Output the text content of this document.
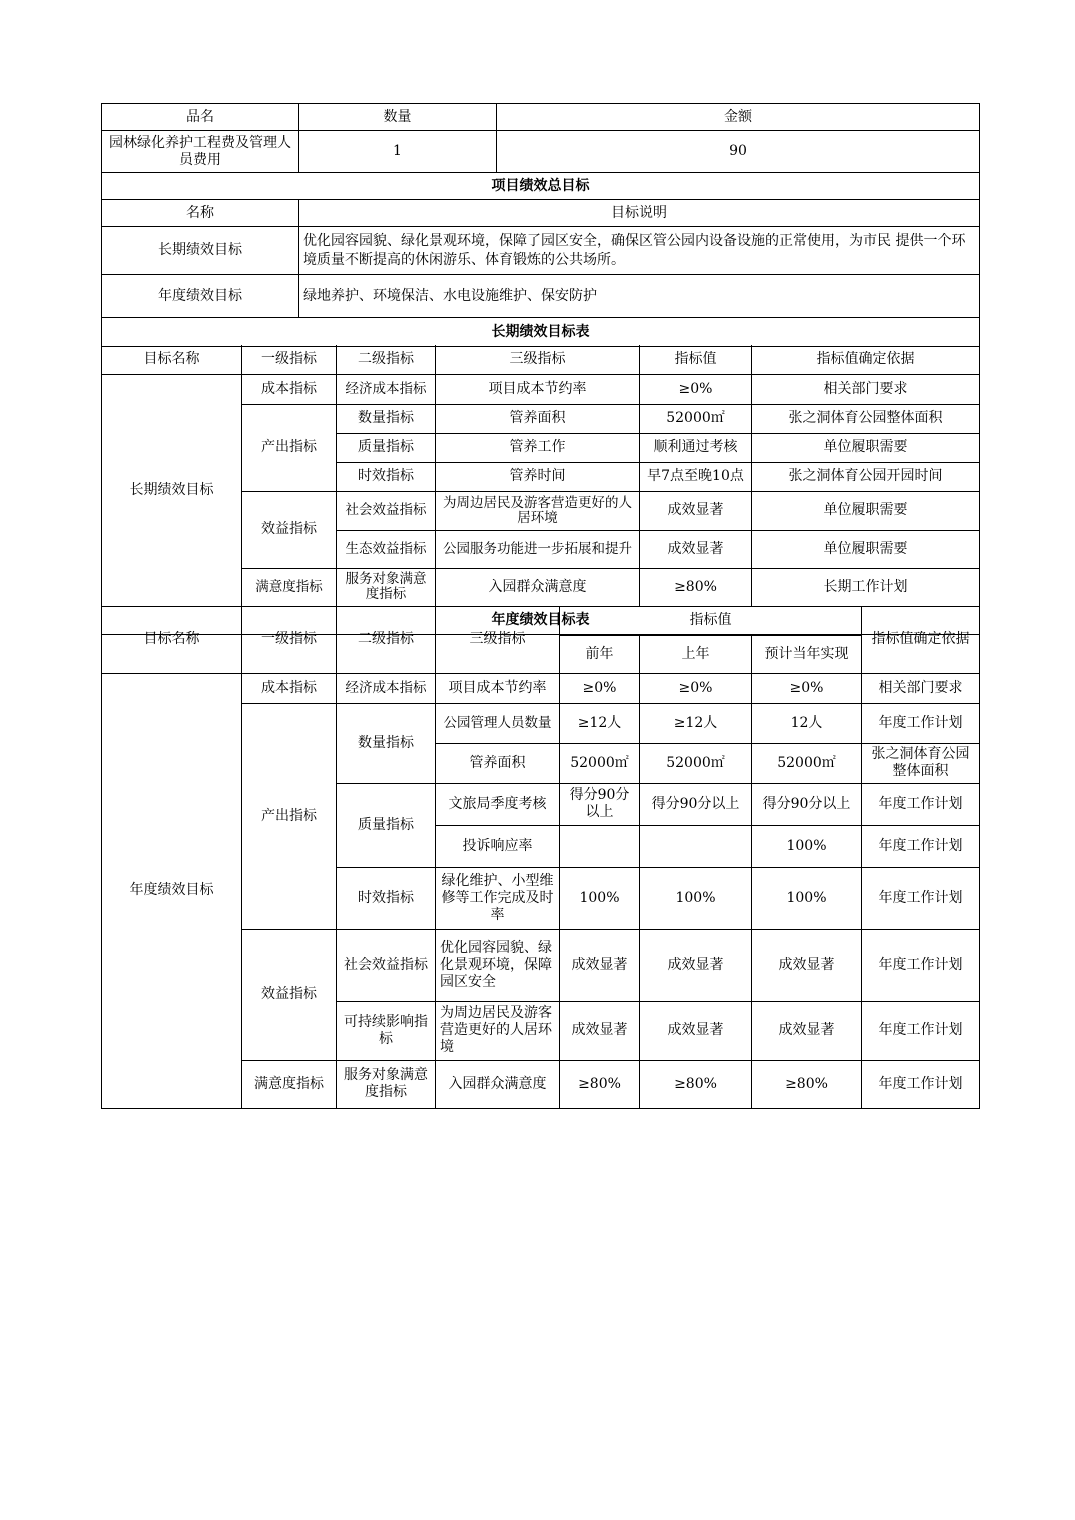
品名	数量	金额
园林绿化养护工程费及管理人员费用	1	90
项目绩效总目标		
名称	目标说明	
长期绩效目标	优化园容园貌、绿化景观环境，保障了园区安全，确保区管公园内设备设施的正常使用，为市民 提供一个环境质量不断提高的休闲游乐、体育锻炼的公共场所。	
年度绩效目标	绿地养护、环境保洁、水电设施维护、保安防护	
长期绩效目标表		
目标名称	一级指标	二级指标	三级指标	指标值	指标值确定依据
长期绩效目标	成本指标	经济成本指标	项目成本节约率	≥0%	相关部门要求
	产出指标	数量指标	管养面积	52000㎡	张之洞体育公园整体面积
		质量指标	管养工作	顺利通过考核	单位履职需要
		时效指标	管养时间	早7点至晚10点	张之洞体育公园开园时间
	效益指标	社会效益指标	为周边居民及游客营造更好的人居环境	成效显著	单位履职需要
		生态效益指标	公园服务功能进一步拓展和提升	成效显著	单位履职需要
	满意度指标	服务对象满意度指标	入园群众满意度	≥80%	长期工作计划
年度绩效目标表					
目标名称	一级指标	二级指标	三级指标	指标值			指标值确定依据
				前年	上年	预计当年实现	
年度绩效目标	成本指标	经济成本指标	项目成本节约率	≥0%	≥0%	≥0%	相关部门要求
	产出指标	数量指标	公园管理人员数量	≥12人	≥12人	12人	年度工作计划
			管养面积	52000㎡	52000㎡	52000㎡	张之洞体育公园整体面积
		质量指标	文旅局季度考核	得分90分以上	得分90分以上	得分90分以上	年度工作计划
			投诉响应率			100%	年度工作计划
		时效指标	绿化维护、小型维修等工作完成及时率	100%	100%	100%	年度工作计划
	效益指标	社会效益指标	优化园容园貌、绿化景观环境，保障园区安全	成效显著	成效显著	成效显著	年度工作计划
		可持续影响指标	为周边居民及游客营造更好的人居环境	成效显著	成效显著	成效显著	年度工作计划
	满意度指标	服务对象满意度指标	入园群众满意度	≥80%	≥80%	≥80%	年度工作计划
